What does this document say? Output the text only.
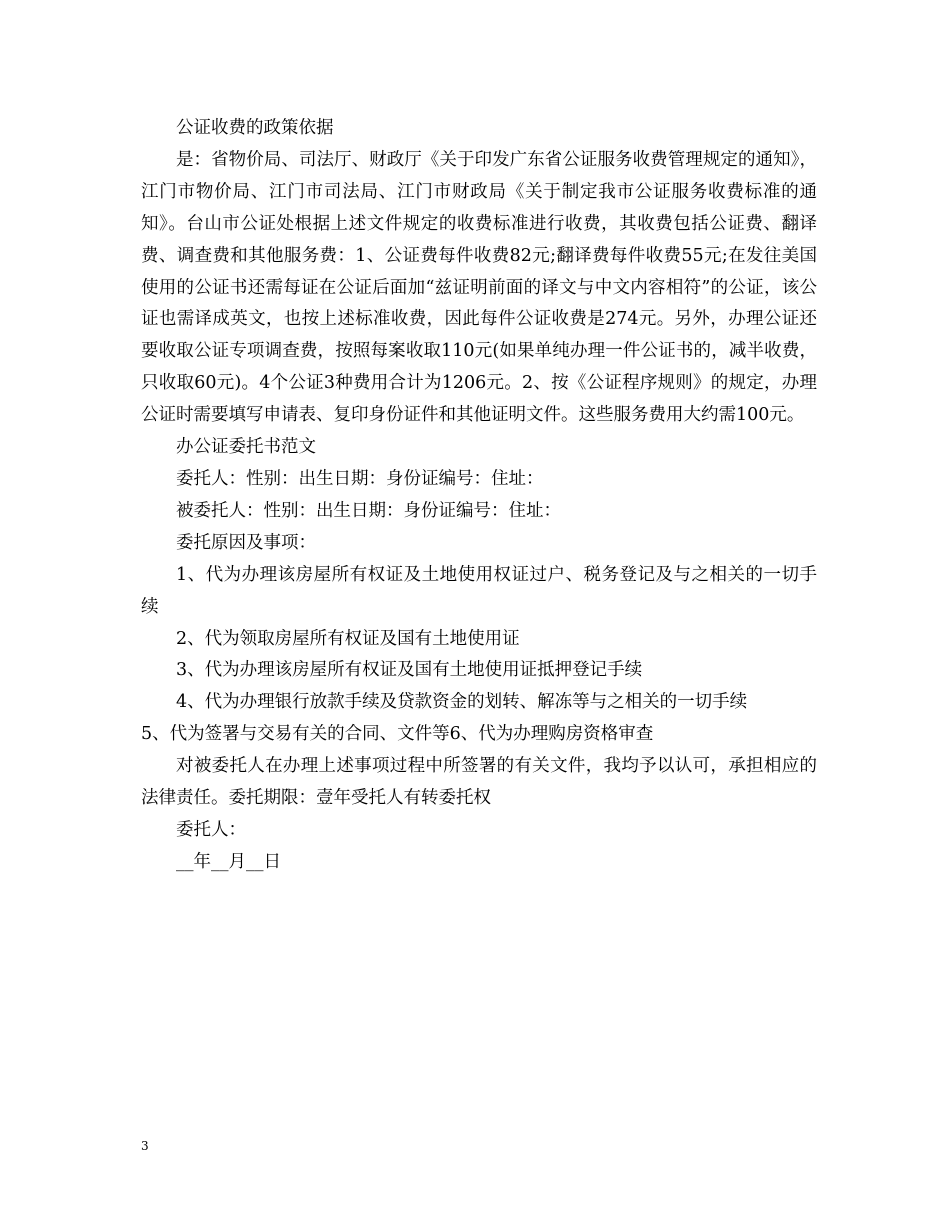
公证收费的政策依据

是：省物价局、司法厅、财政厅《关于印发广东省公证服务收费管理规定的通知》，江门市物价局、江门市司法局、江门市财政局《关于制定我市公证服务收费标准的通知》。台山市公证处根据上述文件规定的收费标准进行收费，其收费包括公证费、翻译费、调查费和其他服务费：1、公证费每件收费82元;翻译费每件收费55元;在发往美国使用的公证书还需每证在公证后面加“兹证明前面的译文与中文内容相符”的公证，该公证也需译成英文，也按上述标准收费，因此每件公证收费是274元。另外，办理公证还要收取公证专项调查费，按照每案收取110元(如果单纯办理一件公证书的，减半收费，只收取60元)。4个公证3种费用合计为1206元。2、按《公证程序规则》的规定，办理公证时需要填写申请表、复印身份证件和其他证明文件。这些服务费用大约需100元。

办公证委托书范文

委托人：性别：出生日期：身份证编号：住址：

被委托人：性别：出生日期：身份证编号：住址：

委托原因及事项：

1、代为办理该房屋所有权证及土地使用权证过户、税务登记及与之相关的一切手续

2、代为领取房屋所有权证及国有土地使用证

3、代为办理该房屋所有权证及国有土地使用证抵押登记手续

4、代为办理银行放款手续及贷款资金的划转、解冻等与之相关的一切手续

5、代为签署与交易有关的合同、文件等6、代为办理购房资格审查

对被委托人在办理上述事项过程中所签署的有关文件，我均予以认可，承担相应的法律责任。委托期限：壹年受托人有转委托权

委托人：

__年__月__日

3
